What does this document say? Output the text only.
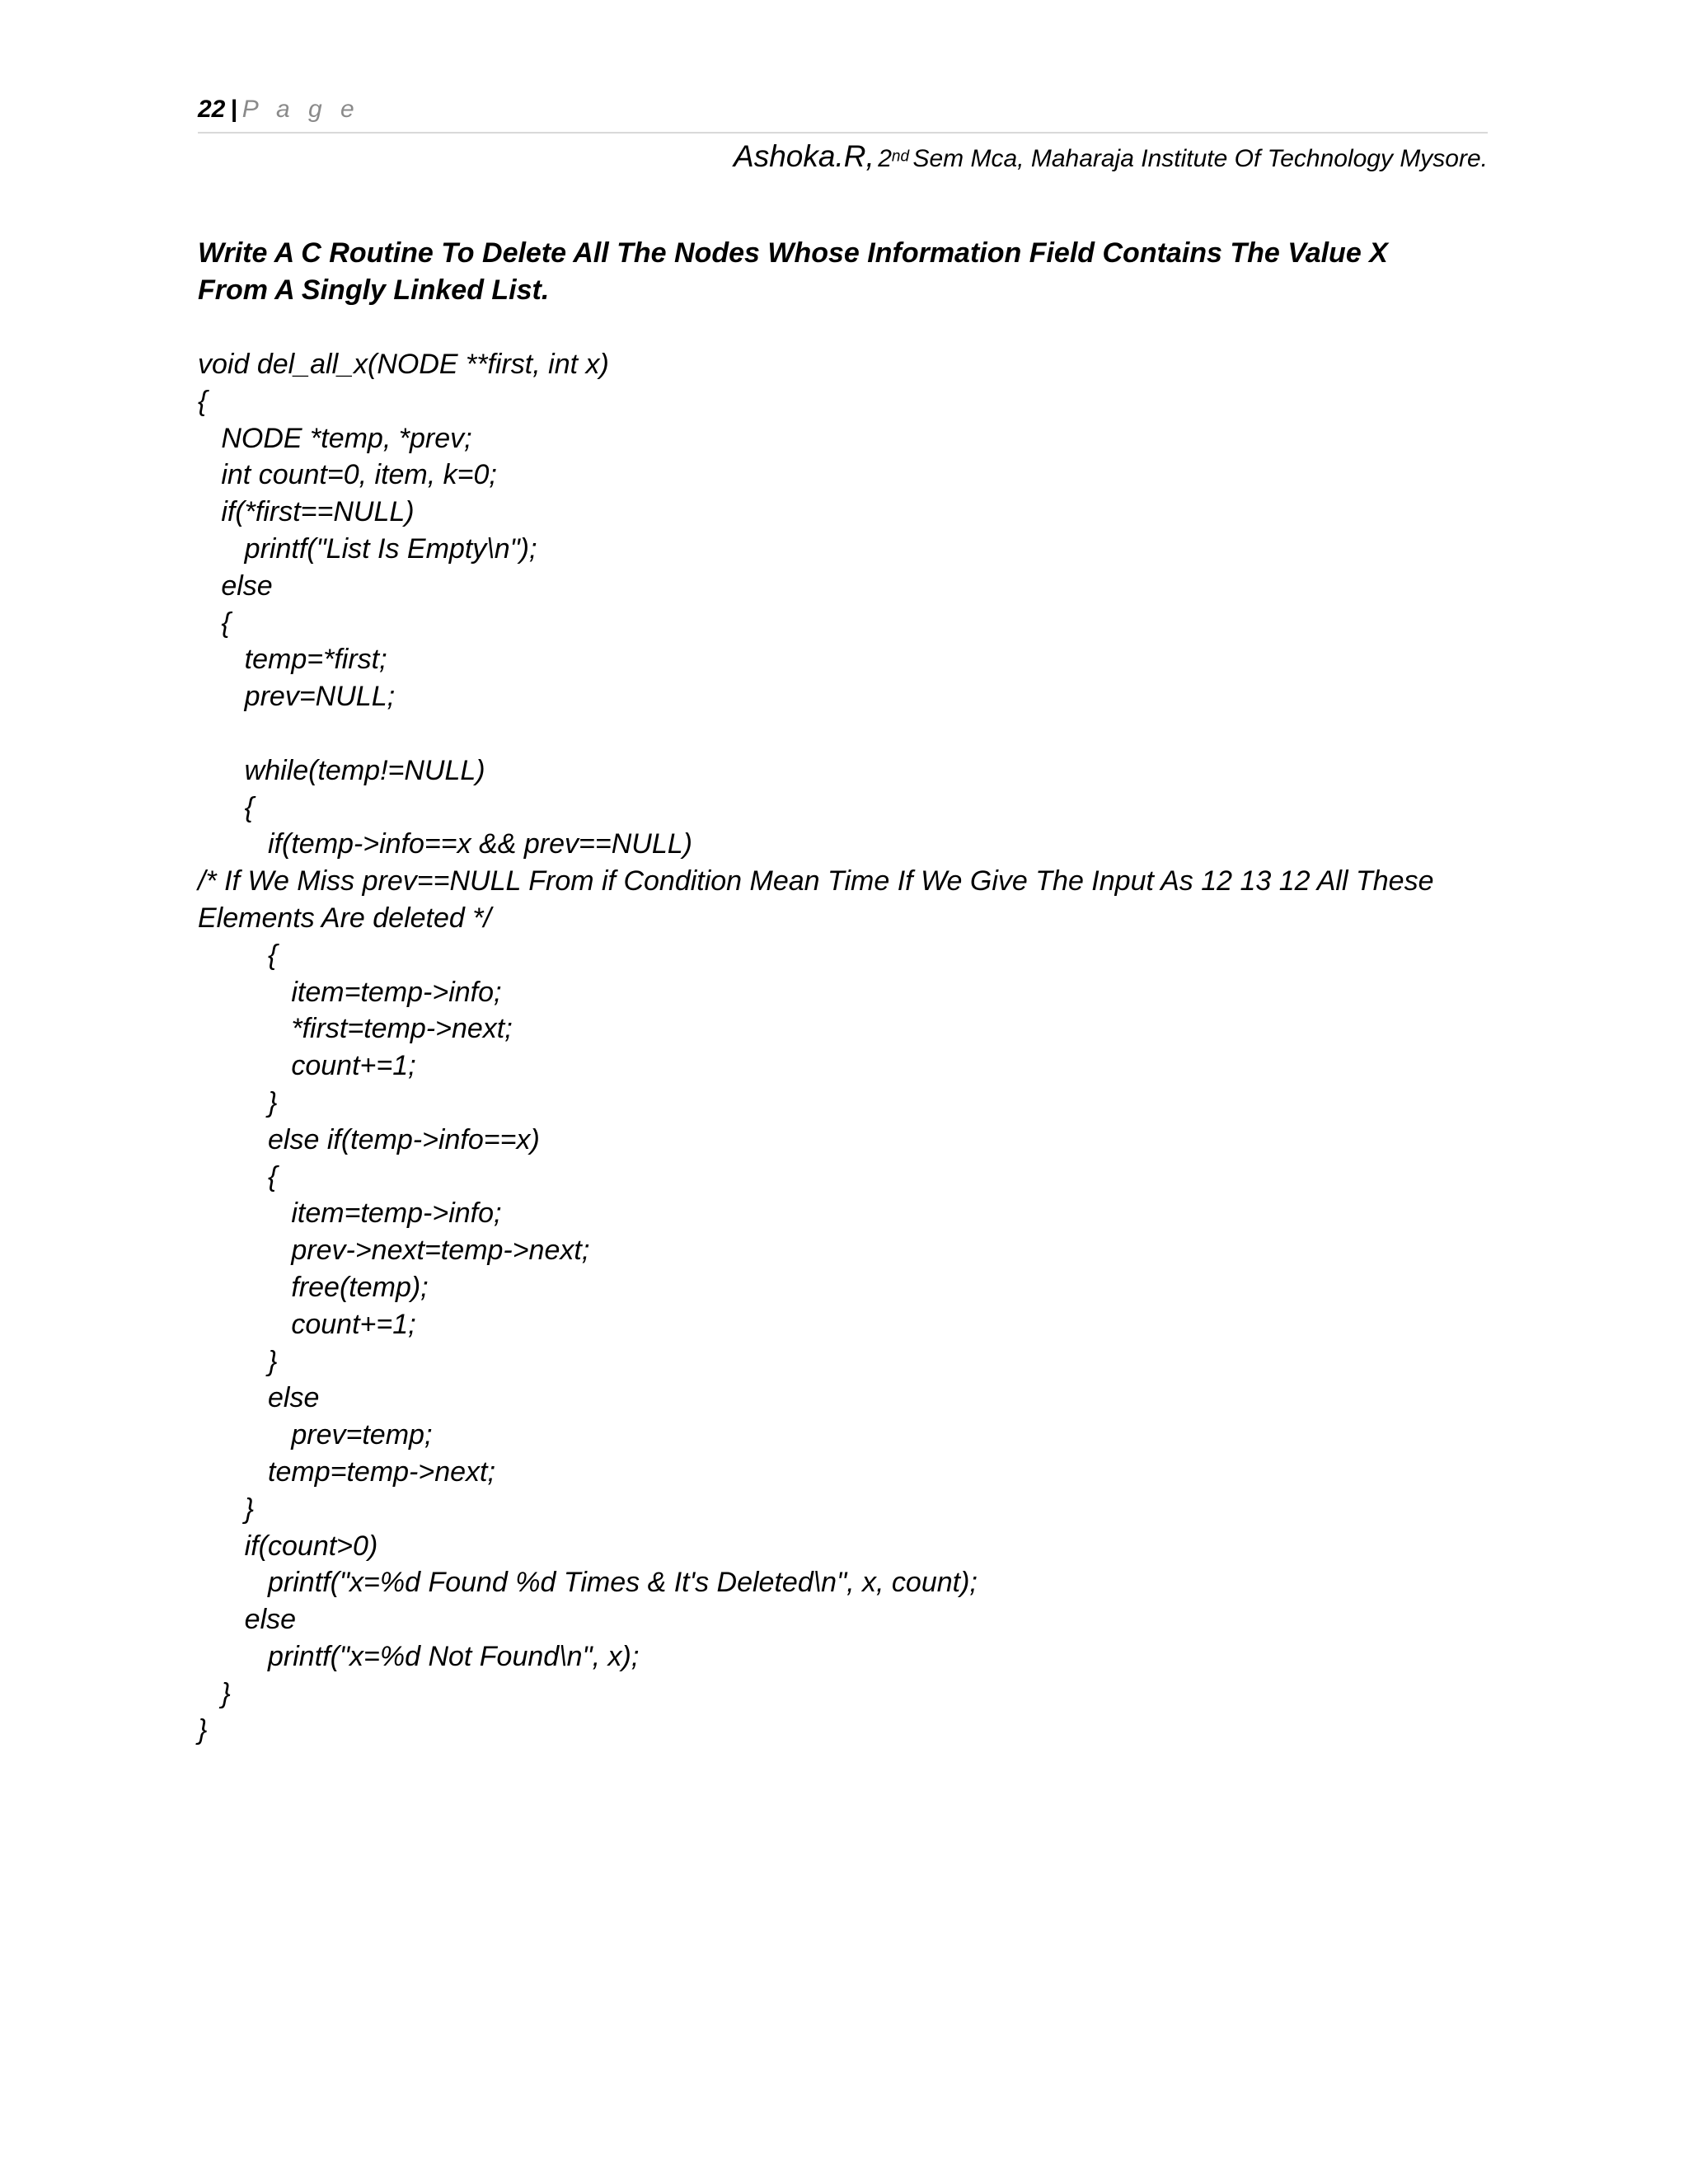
22 | P a g e
Ashoka.R, 2nd Sem Mca, Maharaja Institute Of Technology Mysore.
Write A C Routine To Delete All The Nodes Whose Information Field Contains The Value X From A Singly Linked List.
void del_all_x(NODE **first, int x)
{
NODE *temp, *prev;
int count=0, item, k=0;
if(*first==NULL)
printf("List Is Empty\n");
else
{
temp=*first;
prev=NULL;
while(temp!=NULL)
{
if(temp->info==x && prev==NULL)
/* If We Miss prev==NULL From if Condition Mean Time If We Give The Input As 12 13 12 All These
Elements Are deleted */
{
item=temp->info;
*first=temp->next;
count+=1;
}
else if(temp->info==x)
{
item=temp->info;
prev->next=temp->next;
free(temp);
count+=1;
}
else
prev=temp;
temp=temp->next;
}
if(count>0)
printf("x=%d Found %d Times & It's Deleted\n", x, count);
else
printf("x=%d Not Found\n", x);
}
}
